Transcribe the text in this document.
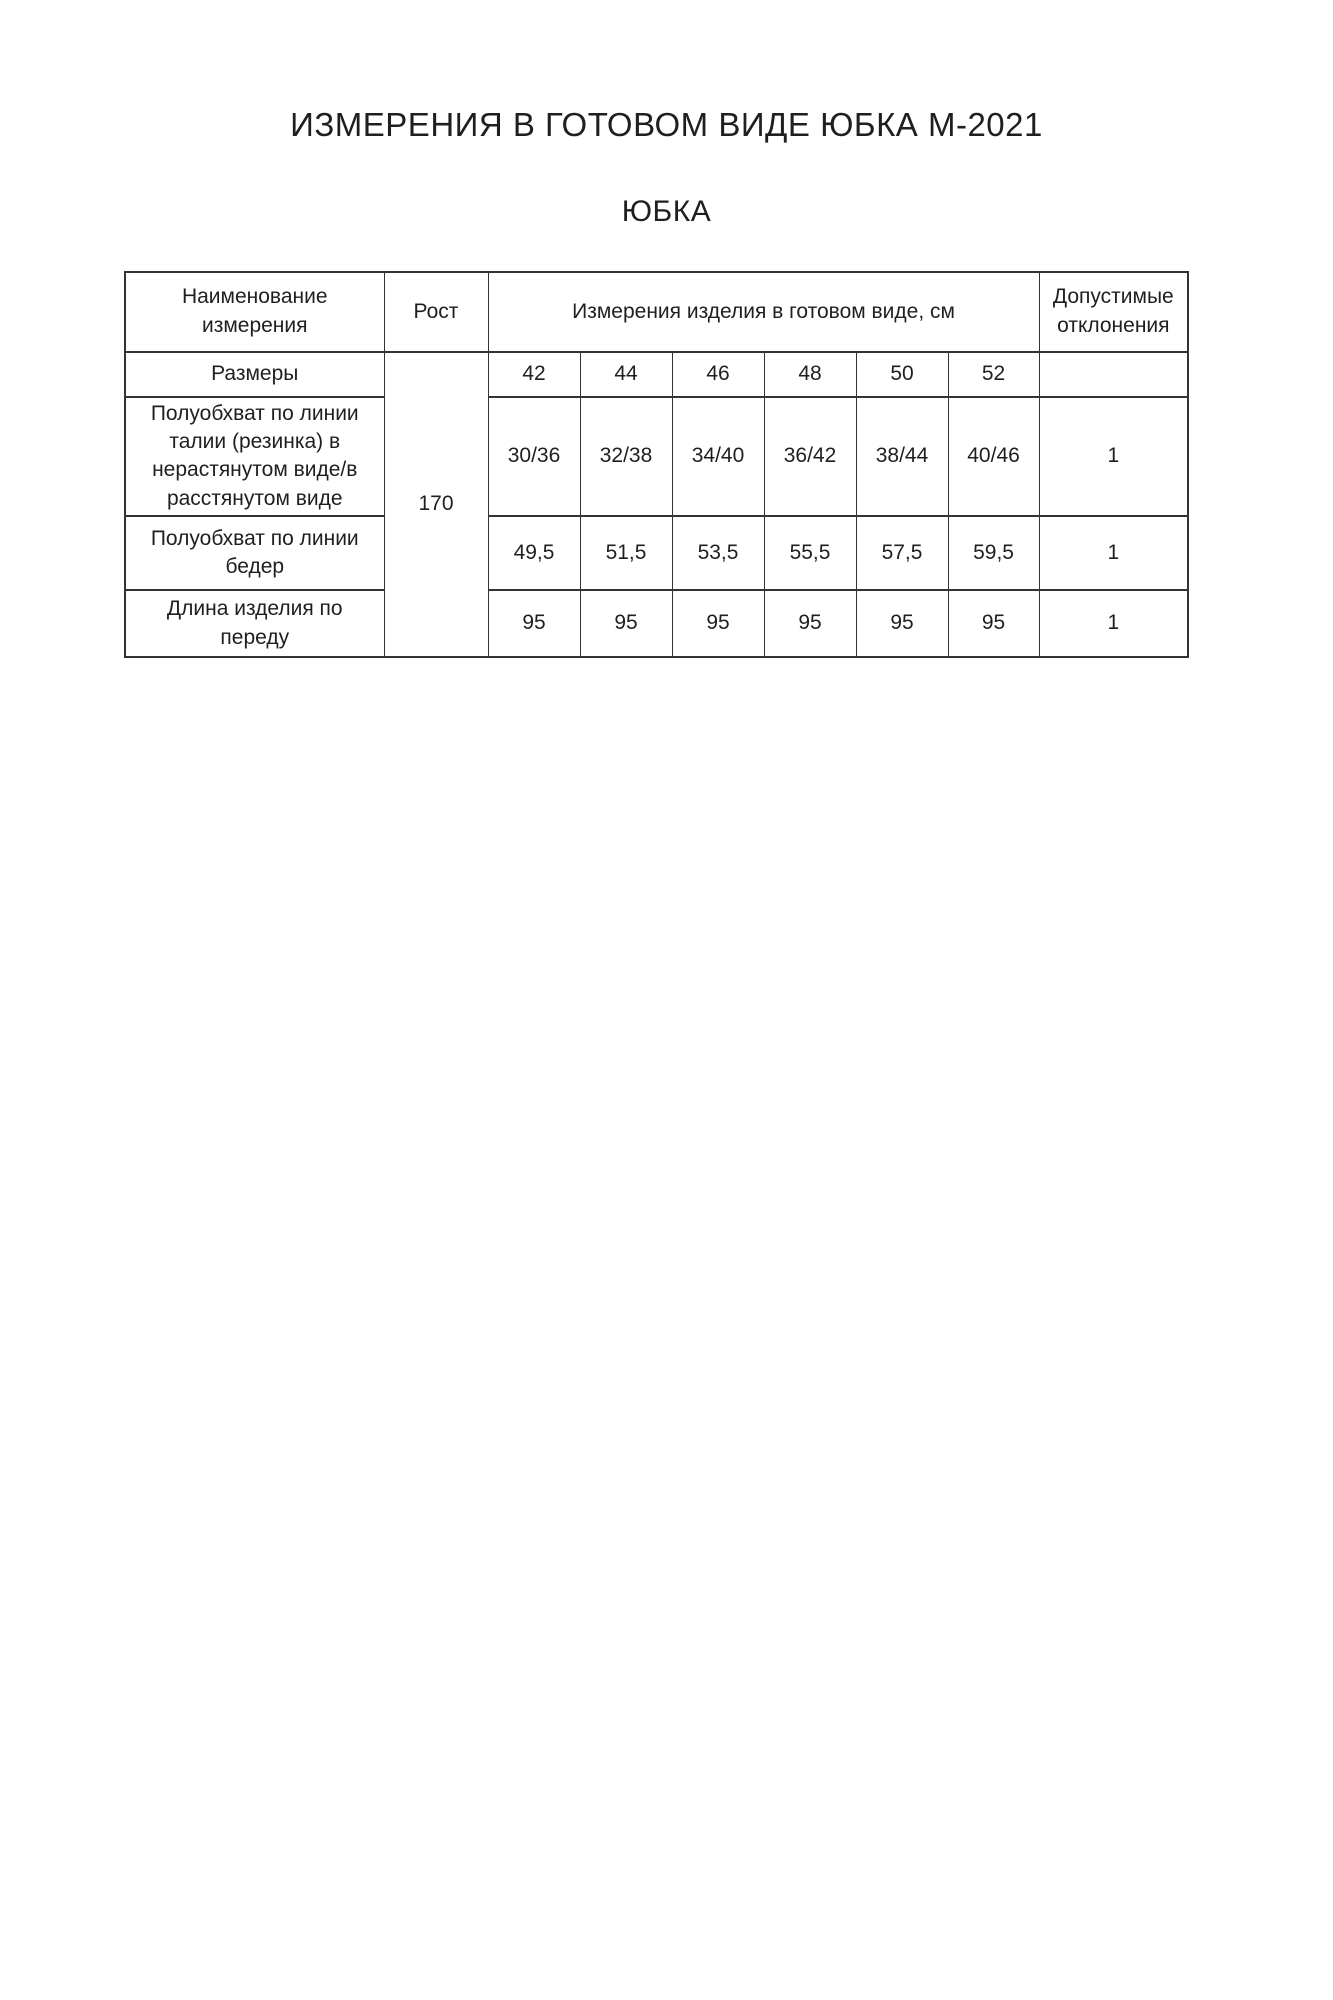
ИЗМЕРЕНИЯ В ГОТОВОМ ВИДЕ ЮБКА М-2021
ЮБКА
Наименование измерения	Рост	Измерения изделия в готовом виде, см						Допустимые отклонения
Размеры	170	42	44	46	48	50	52	
Полуобхват по линии талии (резинка) в нерастянутом виде/в расстянутом виде		30/36	32/38	34/40	36/42	38/44	40/46	1
Полуобхват по линии бедер		49,5	51,5	53,5	55,5	57,5	59,5	1
Длина изделия по переду		95	95	95	95	95	95	1
